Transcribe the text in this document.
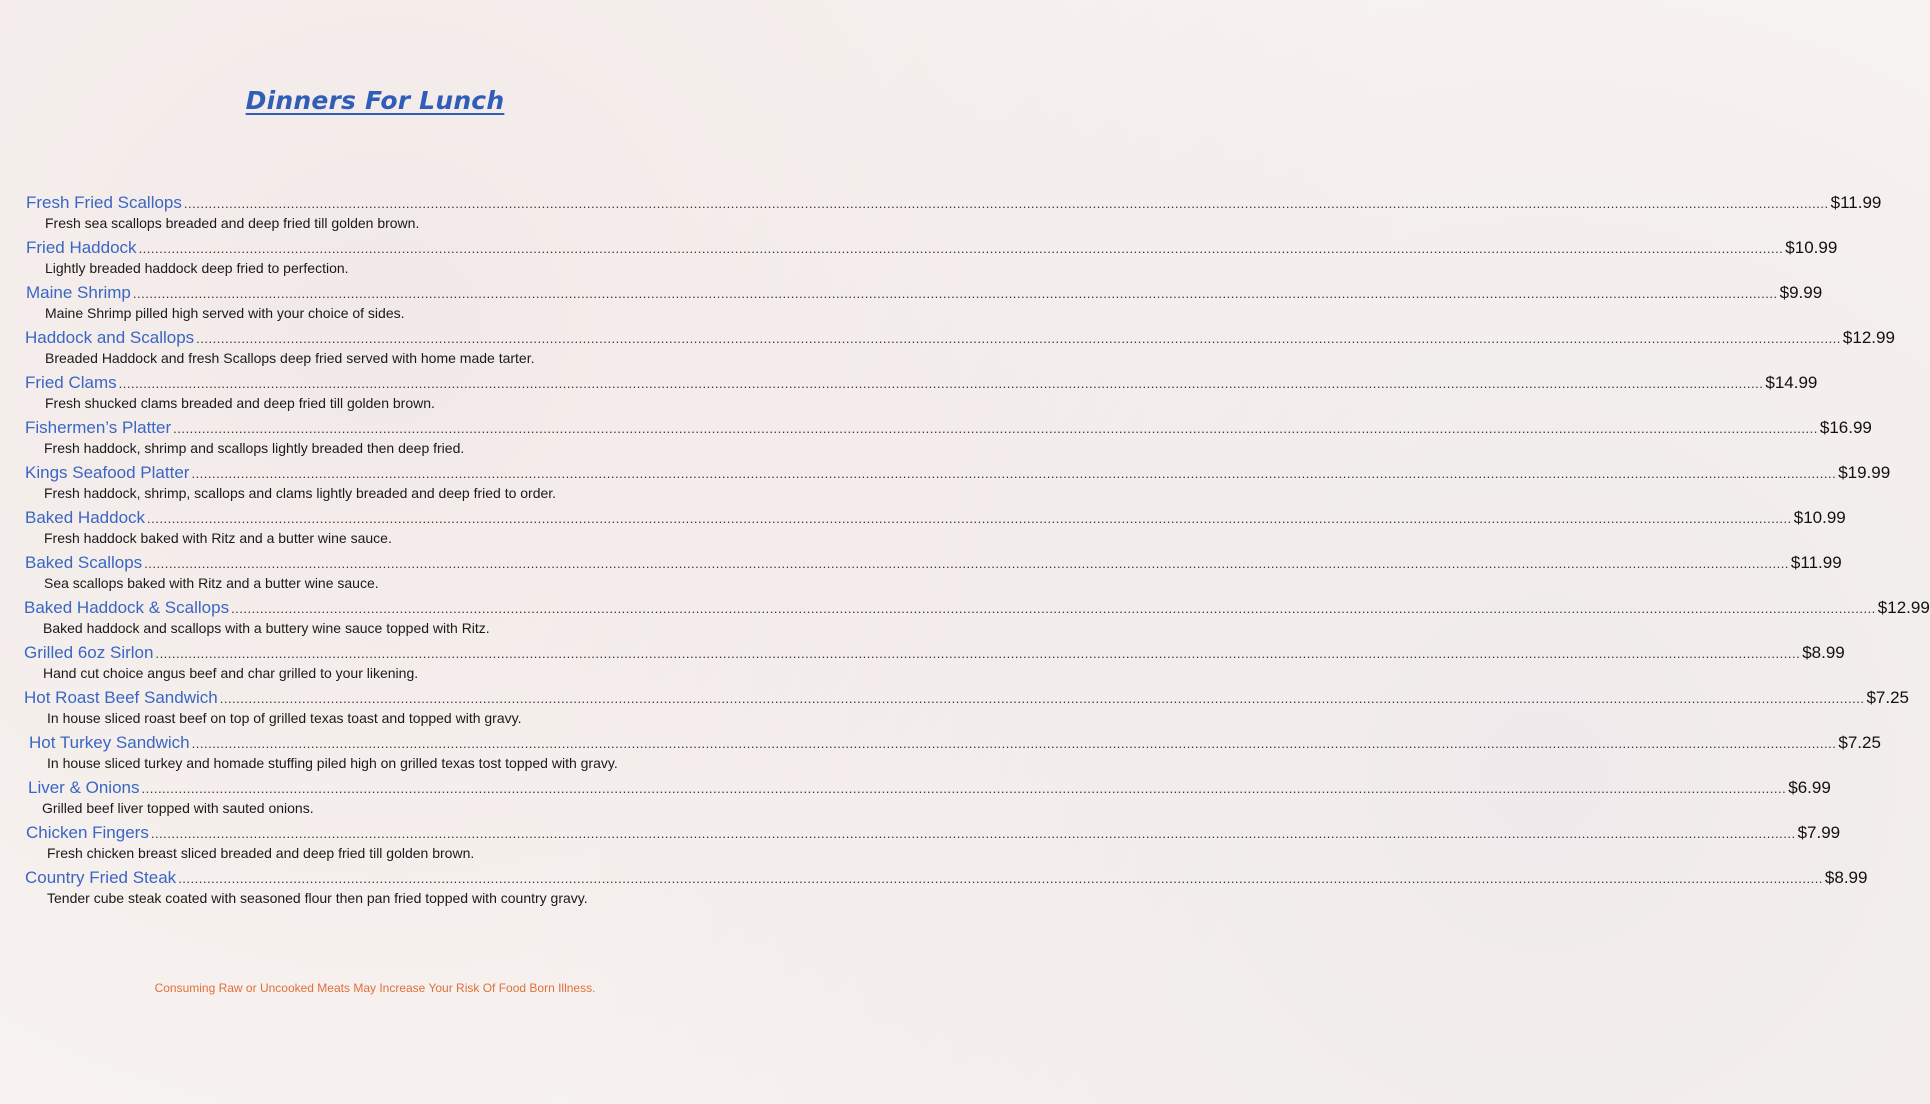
Dinners For Lunch
Fresh Fried Scallops ................................................................................................................................................................................................................................................................................................................................................................................................................ $11.99
Fresh sea scallops breaded and deep fried till golden brown.
Fried Haddock ................................................................................................................................................................................................................................................................................................................................................................................................................ $10.99
Lightly breaded haddock deep fried to perfection.
Maine Shrimp ................................................................................................................................................................................................................................................................................................................................................................................................................ $9.99
Maine Shrimp pilled high served with your choice of sides.
Haddock and Scallops ................................................................................................................................................................................................................................................................................................................................................................................................................ $12.99
Breaded Haddock and fresh Scallops deep fried served with home made tarter.
Fried Clams ................................................................................................................................................................................................................................................................................................................................................................................................................ $14.99
Fresh shucked clams breaded and deep fried till golden brown.
Fishermen’s Platter ................................................................................................................................................................................................................................................................................................................................................................................................................ $16.99
Fresh haddock, shrimp and scallops lightly breaded then deep fried.
Kings Seafood Platter ................................................................................................................................................................................................................................................................................................................................................................................................................ $19.99
Fresh haddock, shrimp, scallops and clams lightly breaded and deep fried to order.
Baked Haddock ................................................................................................................................................................................................................................................................................................................................................................................................................ $10.99
Fresh haddock baked with Ritz and a butter wine sauce.
Baked Scallops ................................................................................................................................................................................................................................................................................................................................................................................................................ $11.99
Sea scallops baked with Ritz and a butter wine sauce.
Baked Haddock & Scallops ................................................................................................................................................................................................................................................................................................................................................................................................................ $12.99
Baked haddock and scallops with a buttery wine sauce topped with Ritz.
Grilled 6oz Sirlon ................................................................................................................................................................................................................................................................................................................................................................................................................ $8.99
Hand cut choice angus beef and char grilled to your likening.
Hot Roast Beef Sandwich ................................................................................................................................................................................................................................................................................................................................................................................................................ $7.25
In house sliced roast beef on top of grilled texas toast and topped with gravy.
Hot Turkey Sandwich ................................................................................................................................................................................................................................................................................................................................................................................................................ $7.25
In house sliced turkey and homade stuffing piled high on grilled texas tost topped with gravy.
Liver & Onions ................................................................................................................................................................................................................................................................................................................................................................................................................ $6.99
Grilled beef liver topped with sauted onions.
Chicken Fingers ................................................................................................................................................................................................................................................................................................................................................................................................................ $7.99
Fresh chicken breast sliced breaded and deep fried till golden brown.
Country Fried Steak ................................................................................................................................................................................................................................................................................................................................................................................................................ $8.99
Tender cube steak coated with seasoned flour then pan fried topped with country gravy.
Consuming Raw or Uncooked Meats May Increase Your Risk Of Food Born Illness.
